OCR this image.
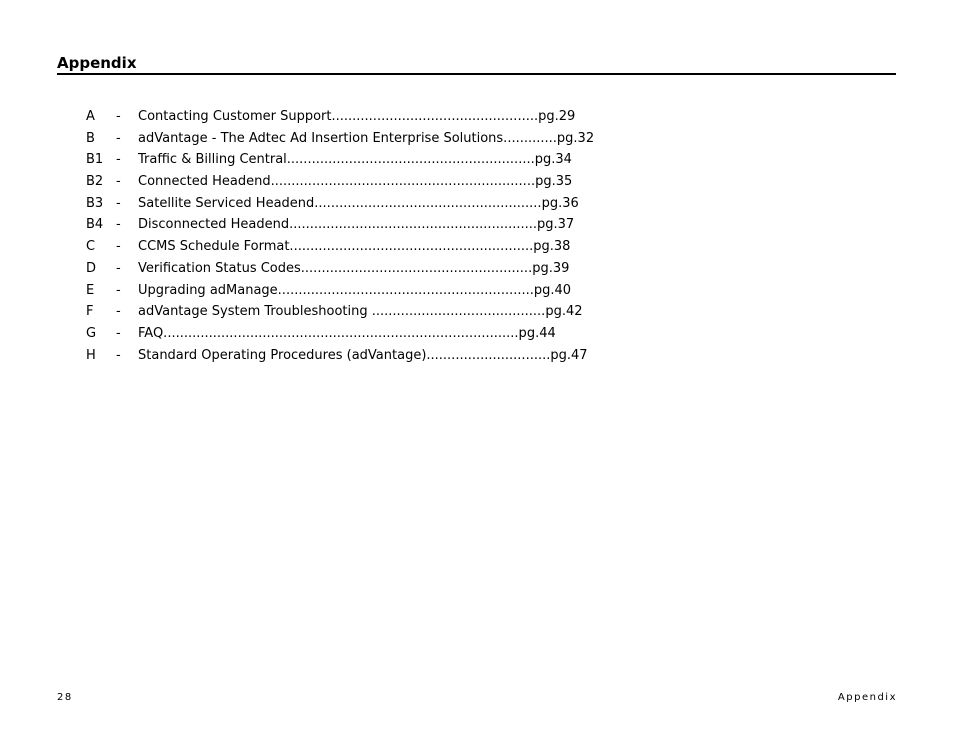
Appendix
A	-	Contacting Customer Support..................................................pg.29
B	-	adVantage - The Adtec Ad Insertion Enterprise Solutions.............pg.32
B1 -	Traffic & Billing Central............................................................pg.34
B2 -	Connected Headend................................................................pg.35
B3 -	Satellite Serviced Headend.......................................................pg.36
B4 -	Disconnected Headend............................................................pg.37
C	-	CCMS Schedule Format...........................................................pg.38
D	-	Verification Status Codes........................................................pg.39
E	-	Upgrading adManage..............................................................pg.40
F	-	adVantage System Troubleshooting ..........................................pg.42
G	-	FAQ......................................................................................pg.44
H	-	Standard Operating Procedures (adVantage)..............................pg.47
28	Appendix
